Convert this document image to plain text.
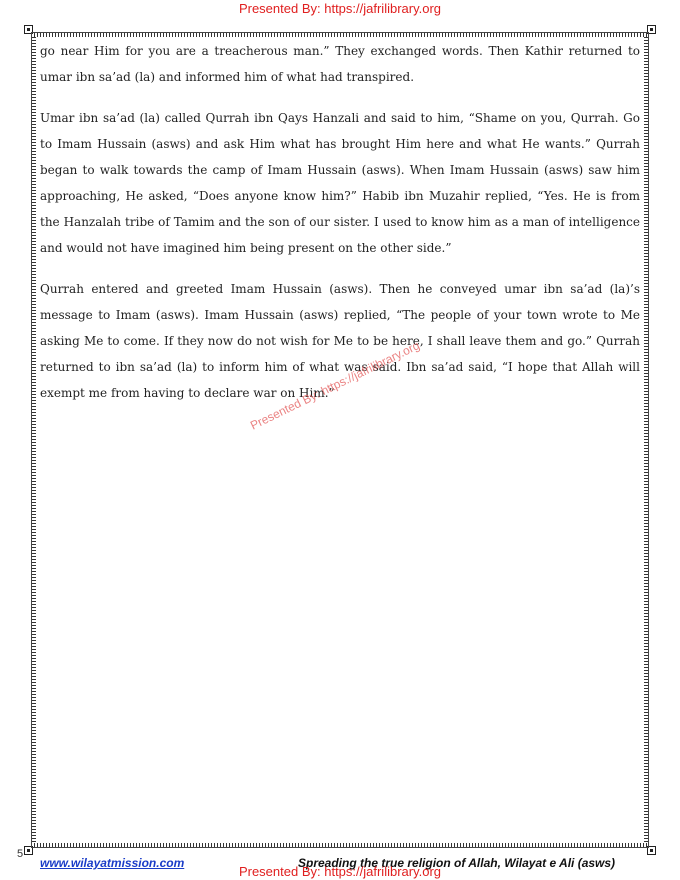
Presented By: https://jafrilibrary.org

go near Him for you are a treacherous man.” They exchanged words. Then Kathir returned to umar ibn sa’ad (la) and informed him of what had transpired.

Umar ibn sa’ad (la) called Qurrah ibn Qays Hanzali and said to him, “Shame on you, Qurrah. Go to Imam Hussain (asws) and ask Him what has brought Him here and what He wants.” Qurrah began to walk towards the camp of Imam Hussain (asws). When Imam Hussain (asws) saw him approaching, He asked, “Does anyone know him?” Habib ibn Muzahir replied, “Yes. He is from the Hanzalah tribe of Tamim and the son of our sister. I used to know him as a man of intelligence and would not have imagined him being present on the other side.”

Qurrah entered and greeted Imam Hussain (asws). Then he conveyed umar ibn sa’ad (la)’s message to Imam (asws). Imam Hussain (asws) replied, “The people of your town wrote to Me asking Me to come. If they now do not wish for Me to be here, I shall leave them and go.” Qurrah returned to ibn sa’ad (la) to inform him of what was said. Ibn sa’ad said, “I hope that Allah will exempt me from having to declare war on Him.”

Presented By: https://jafrilibrary.org
5
www.wilayatmission.com	Spreading the true religion of Allah, Wilayat e Ali (asws)
Presented By: https://jafrilibrary.org
